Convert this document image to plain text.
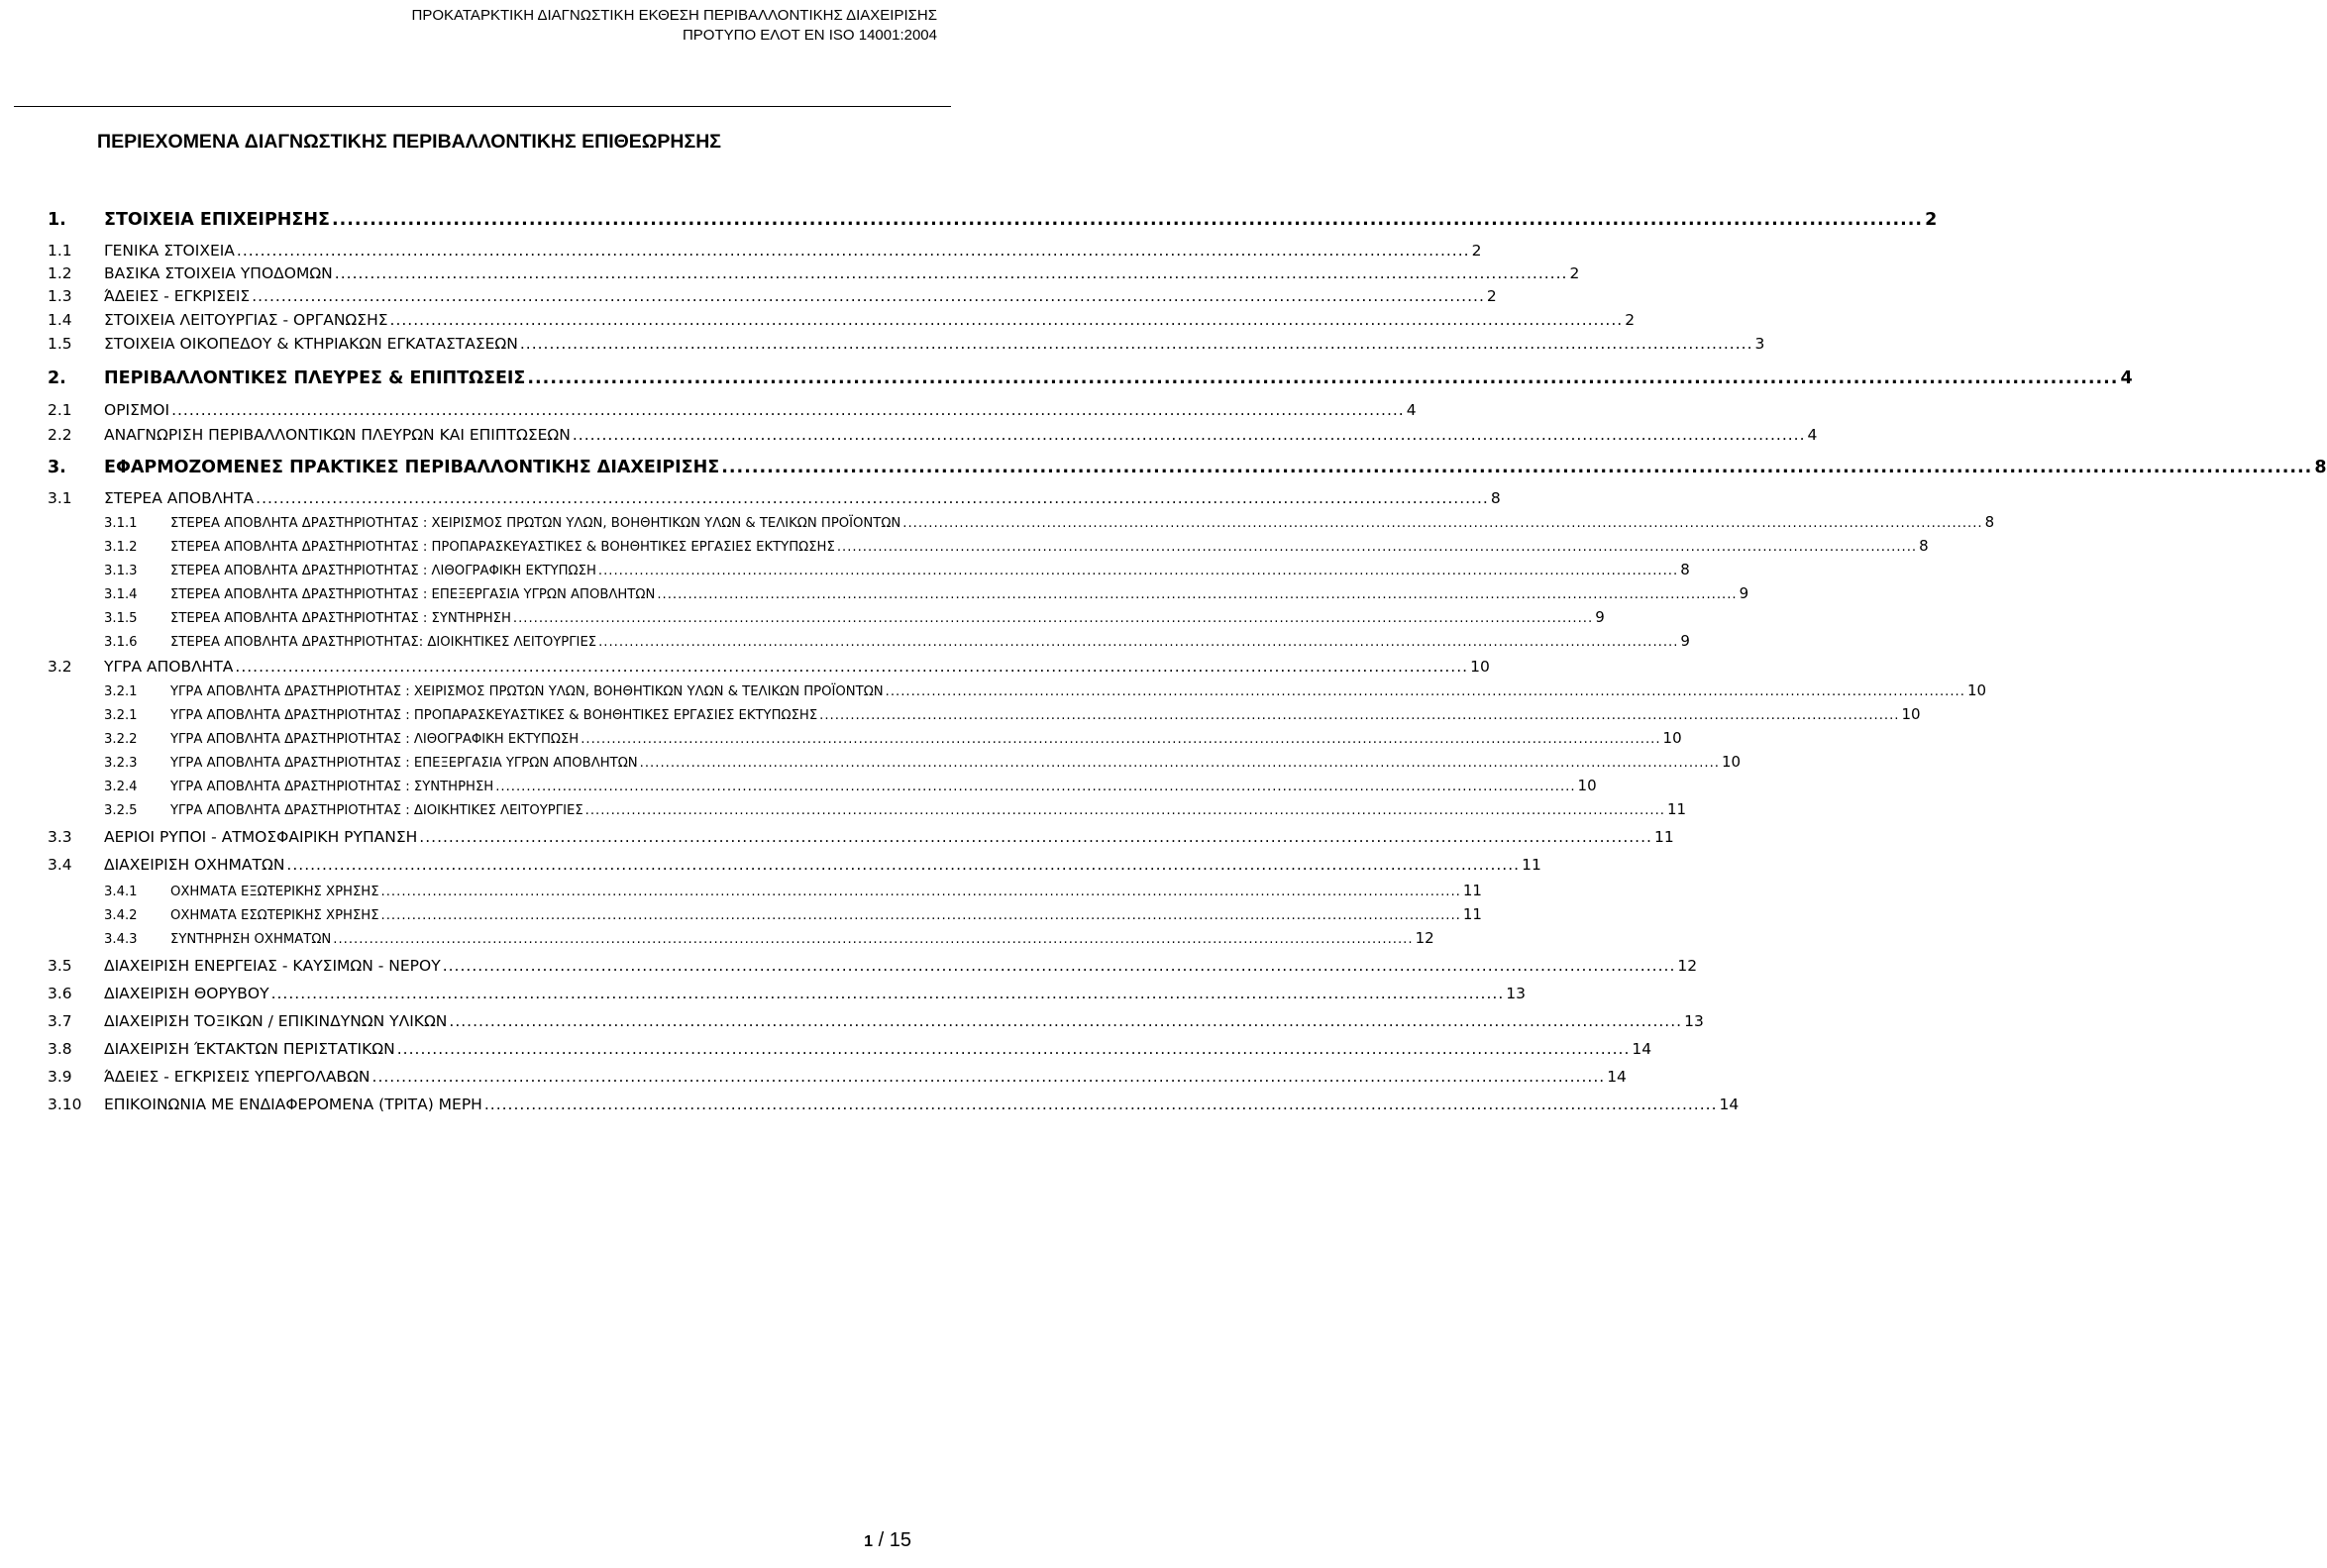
ΠΡΟΚΑΤΑΡΚΤΙΚΗ ΔΙΑΓΝΩΣΤΙΚΗ ΕΚΘΕΣΗ ΠΕΡΙΒΑΛΛΟΝΤΙΚΗΣ ΔΙΑΧΕΙΡΙΣΗΣ
ΠΡΟΤΥΠΟ ΕΛΟΤ ΕΝ ISO 14001:2004
ΠΕΡΙΕΧΟΜΕΝΑ ΔΙΑΓΝΩΣΤΙΚΗΣ ΠΕΡΙΒΑΛΛΟΝΤΙΚΗΣ ΕΠΙΘΕΩΡΗΣΗΣ
1.	ΣΤΟΙΧΕΙΑ ΕΠΙΧΕΙΡΗΣΗΣ .....	2
1.1	ΓΕΝΙΚΑ ΣΤΟΙΧΕΙΑ .....	2
1.2	ΒΑΣΙΚΑ ΣΤΟΙΧΕΙΑ ΥΠΟΔΟΜΩΝ .....	2
1.3	ΆΔΕΙΕΣ - ΕΓΚΡΙΣΕΙΣ .....	2
1.4	ΣΤΟΙΧΕΙΑ ΛΕΙΤΟΥΡΓΙΑΣ - ΟΡΓΑΝΩΣΗΣ .....	2
1.5	ΣΤΟΙΧΕΙΑ ΟΙΚΟΠΕΔΟΥ & ΚΤΗΡΙΑΚΩΝ ΕΓΚΑΤΑΣΤΑΣΕΩΝ .....	3
2.	ΠΕΡΙΒΑΛΛΟΝΤΙΚΕΣ ΠΛΕΥΡΕΣ & ΕΠΙΠΤΩΣΕΙΣ .....	4
2.1	ΟΡΙΣΜΟΙ .....	4
2.2	ΑΝΑΓΝΩΡΙΣΗ ΠΕΡΙΒΑΛΛΟΝΤΙΚΩΝ ΠΛΕΥΡΩΝ ΚΑΙ ΕΠΙΠΤΩΣΕΩΝ .....	4
3.	ΕΦΑΡΜΟΖΟΜΕΝΕΣ ΠΡΑΚΤΙΚΕΣ ΠΕΡΙΒΑΛΛΟΝΤΙΚΗΣ ΔΙΑΧΕΙΡΙΣΗΣ .....	8
3.1	ΣΤΕΡΕΑ ΑΠΟΒΛΗΤΑ .....	8
3.1.1	ΣΤΕΡΕΑ ΑΠΟΒΛΗΤΑ ΔΡΑΣΤΗΡΙΟΤΗΤΑΣ : ΧΕΙΡΙΣΜΟΣ ΠΡΩΤΩΝ ΥΛΩΝ, ΒΟΗΘΗΤΙΚΩΝ ΥΛΩΝ & ΤΕΛΙΚΩΝ ΠΡΟΪΟΝΤΩΝ .....	8
3.1.2	ΣΤΕΡΕΑ ΑΠΟΒΛΗΤΑ ΔΡΑΣΤΗΡΙΟΤΗΤΑΣ : ΠΡΟΠΑΡΑΣΚΕΥΑΣΤΙΚΕΣ & ΒΟΗΘΗΤΙΚΕΣ ΕΡΓΑΣΙΕΣ ΕΚΤΥΠΩΣΗΣ .....	8
3.1.3	ΣΤΕΡΕΑ ΑΠΟΒΛΗΤΑ ΔΡΑΣΤΗΡΙΟΤΗΤΑΣ : ΛΙΘΟΓΡΑΦΙΚΗ ΕΚΤΥΠΩΣΗ .....	8
3.1.4	ΣΤΕΡΕΑ ΑΠΟΒΛΗΤΑ ΔΡΑΣΤΗΡΙΟΤΗΤΑΣ : ΕΠΕΞΕΡΓΑΣΙΑ ΥΓΡΩΝ ΑΠΟΒΛΗΤΩΝ .....	9
3.1.5	ΣΤΕΡΕΑ ΑΠΟΒΛΗΤΑ ΔΡΑΣΤΗΡΙΟΤΗΤΑΣ : ΣΥΝΤΗΡΗΣΗ .....	9
3.1.6	ΣΤΕΡΕΑ ΑΠΟΒΛΗΤΑ ΔΡΑΣΤΗΡΙΟΤΗΤΑΣ: ΔΙΟΙΚΗΤΙΚΕΣ ΛΕΙΤΟΥΡΓΙΕΣ .....	9
3.2	ΥΓΡΑ ΑΠΟΒΛΗΤΑ .....	10
3.2.1	ΥΓΡΑ ΑΠΟΒΛΗΤΑ ΔΡΑΣΤΗΡΙΟΤΗΤΑΣ : ΧΕΙΡΙΣΜΟΣ ΠΡΩΤΩΝ ΥΛΩΝ, ΒΟΗΘΗΤΙΚΩΝ ΥΛΩΝ & ΤΕΛΙΚΩΝ ΠΡΟΪΟΝΤΩΝ .....	10
3.2.1	ΥΓΡΑ ΑΠΟΒΛΗΤΑ ΔΡΑΣΤΗΡΙΟΤΗΤΑΣ : ΠΡΟΠΑΡΑΣΚΕΥΑΣΤΙΚΕΣ & ΒΟΗΘΗΤΙΚΕΣ ΕΡΓΑΣΙΕΣ ΕΚΤΥΠΩΣΗΣ .....	10
3.2.2	ΥΓΡΑ ΑΠΟΒΛΗΤΑ ΔΡΑΣΤΗΡΙΟΤΗΤΑΣ : ΛΙΘΟΓΡΑΦΙΚΗ ΕΚΤΥΠΩΣΗ .....	10
3.2.3	ΥΓΡΑ ΑΠΟΒΛΗΤΑ ΔΡΑΣΤΗΡΙΟΤΗΤΑΣ : ΕΠΕΞΕΡΓΑΣΙΑ ΥΓΡΩΝ ΑΠΟΒΛΗΤΩΝ .....	10
3.2.4	ΥΓΡΑ ΑΠΟΒΛΗΤΑ ΔΡΑΣΤΗΡΙΟΤΗΤΑΣ : ΣΥΝΤΗΡΗΣΗ .....	10
3.2.5	ΥΓΡΑ ΑΠΟΒΛΗΤΑ ΔΡΑΣΤΗΡΙΟΤΗΤΑΣ : ΔΙΟΙΚΗΤΙΚΕΣ ΛΕΙΤΟΥΡΓΙΕΣ .....	11
3.3	ΑΕΡΙΟΙ ΡΥΠΟΙ - ΑΤΜΟΣΦΑΙΡΙΚΗ ΡΥΠΑΝΣΗ .....	11
3.4	ΔΙΑΧΕΙΡΙΣΗ ΟΧΗΜΑΤΩΝ .....	11
3.4.1	ΟΧΗΜΑΤΑ ΕΞΩΤΕΡΙΚΗΣ ΧΡΗΣΗΣ .....	11
3.4.2	ΟΧΗΜΑΤΑ ΕΣΩΤΕΡΙΚΗΣ ΧΡΗΣΗΣ .....	11
3.4.3	ΣΥΝΤΗΡΗΣΗ ΟΧΗΜΑΤΩΝ .....	12
3.5	ΔΙΑΧΕΙΡΙΣΗ ΕΝΕΡΓΕΙΑΣ - ΚΑΥΣΙΜΩΝ - ΝΕΡΟΥ .....	12
3.6	ΔΙΑΧΕΙΡΙΣΗ ΘΟΡΥΒΟΥ .....	13
3.7	ΔΙΑΧΕΙΡΙΣΗ ΤΟΞΙΚΩΝ / ΕΠΙΚΙΝΔΥΝΩΝ ΥΛΙΚΩΝ .....	13
3.8	ΔΙΑΧΕΙΡΙΣΗ ΈΚΤΑΚΤΩΝ ΠΕΡΙΣΤΑΤΙΚΩΝ .....	14
3.9	ΆΔΕΙΕΣ - ΕΓΚΡΙΣΕΙΣ ΥΠΕΡΓΟΛΑΒΩΝ .....	14
3.10	ΕΠΙΚΟΙΝΩΝΙΑ ΜΕ ΕΝΔΙΑΦΕΡΟΜΕΝΑ (ΤΡΙΤΑ) ΜΕΡΗ .....	14
1 / 15
